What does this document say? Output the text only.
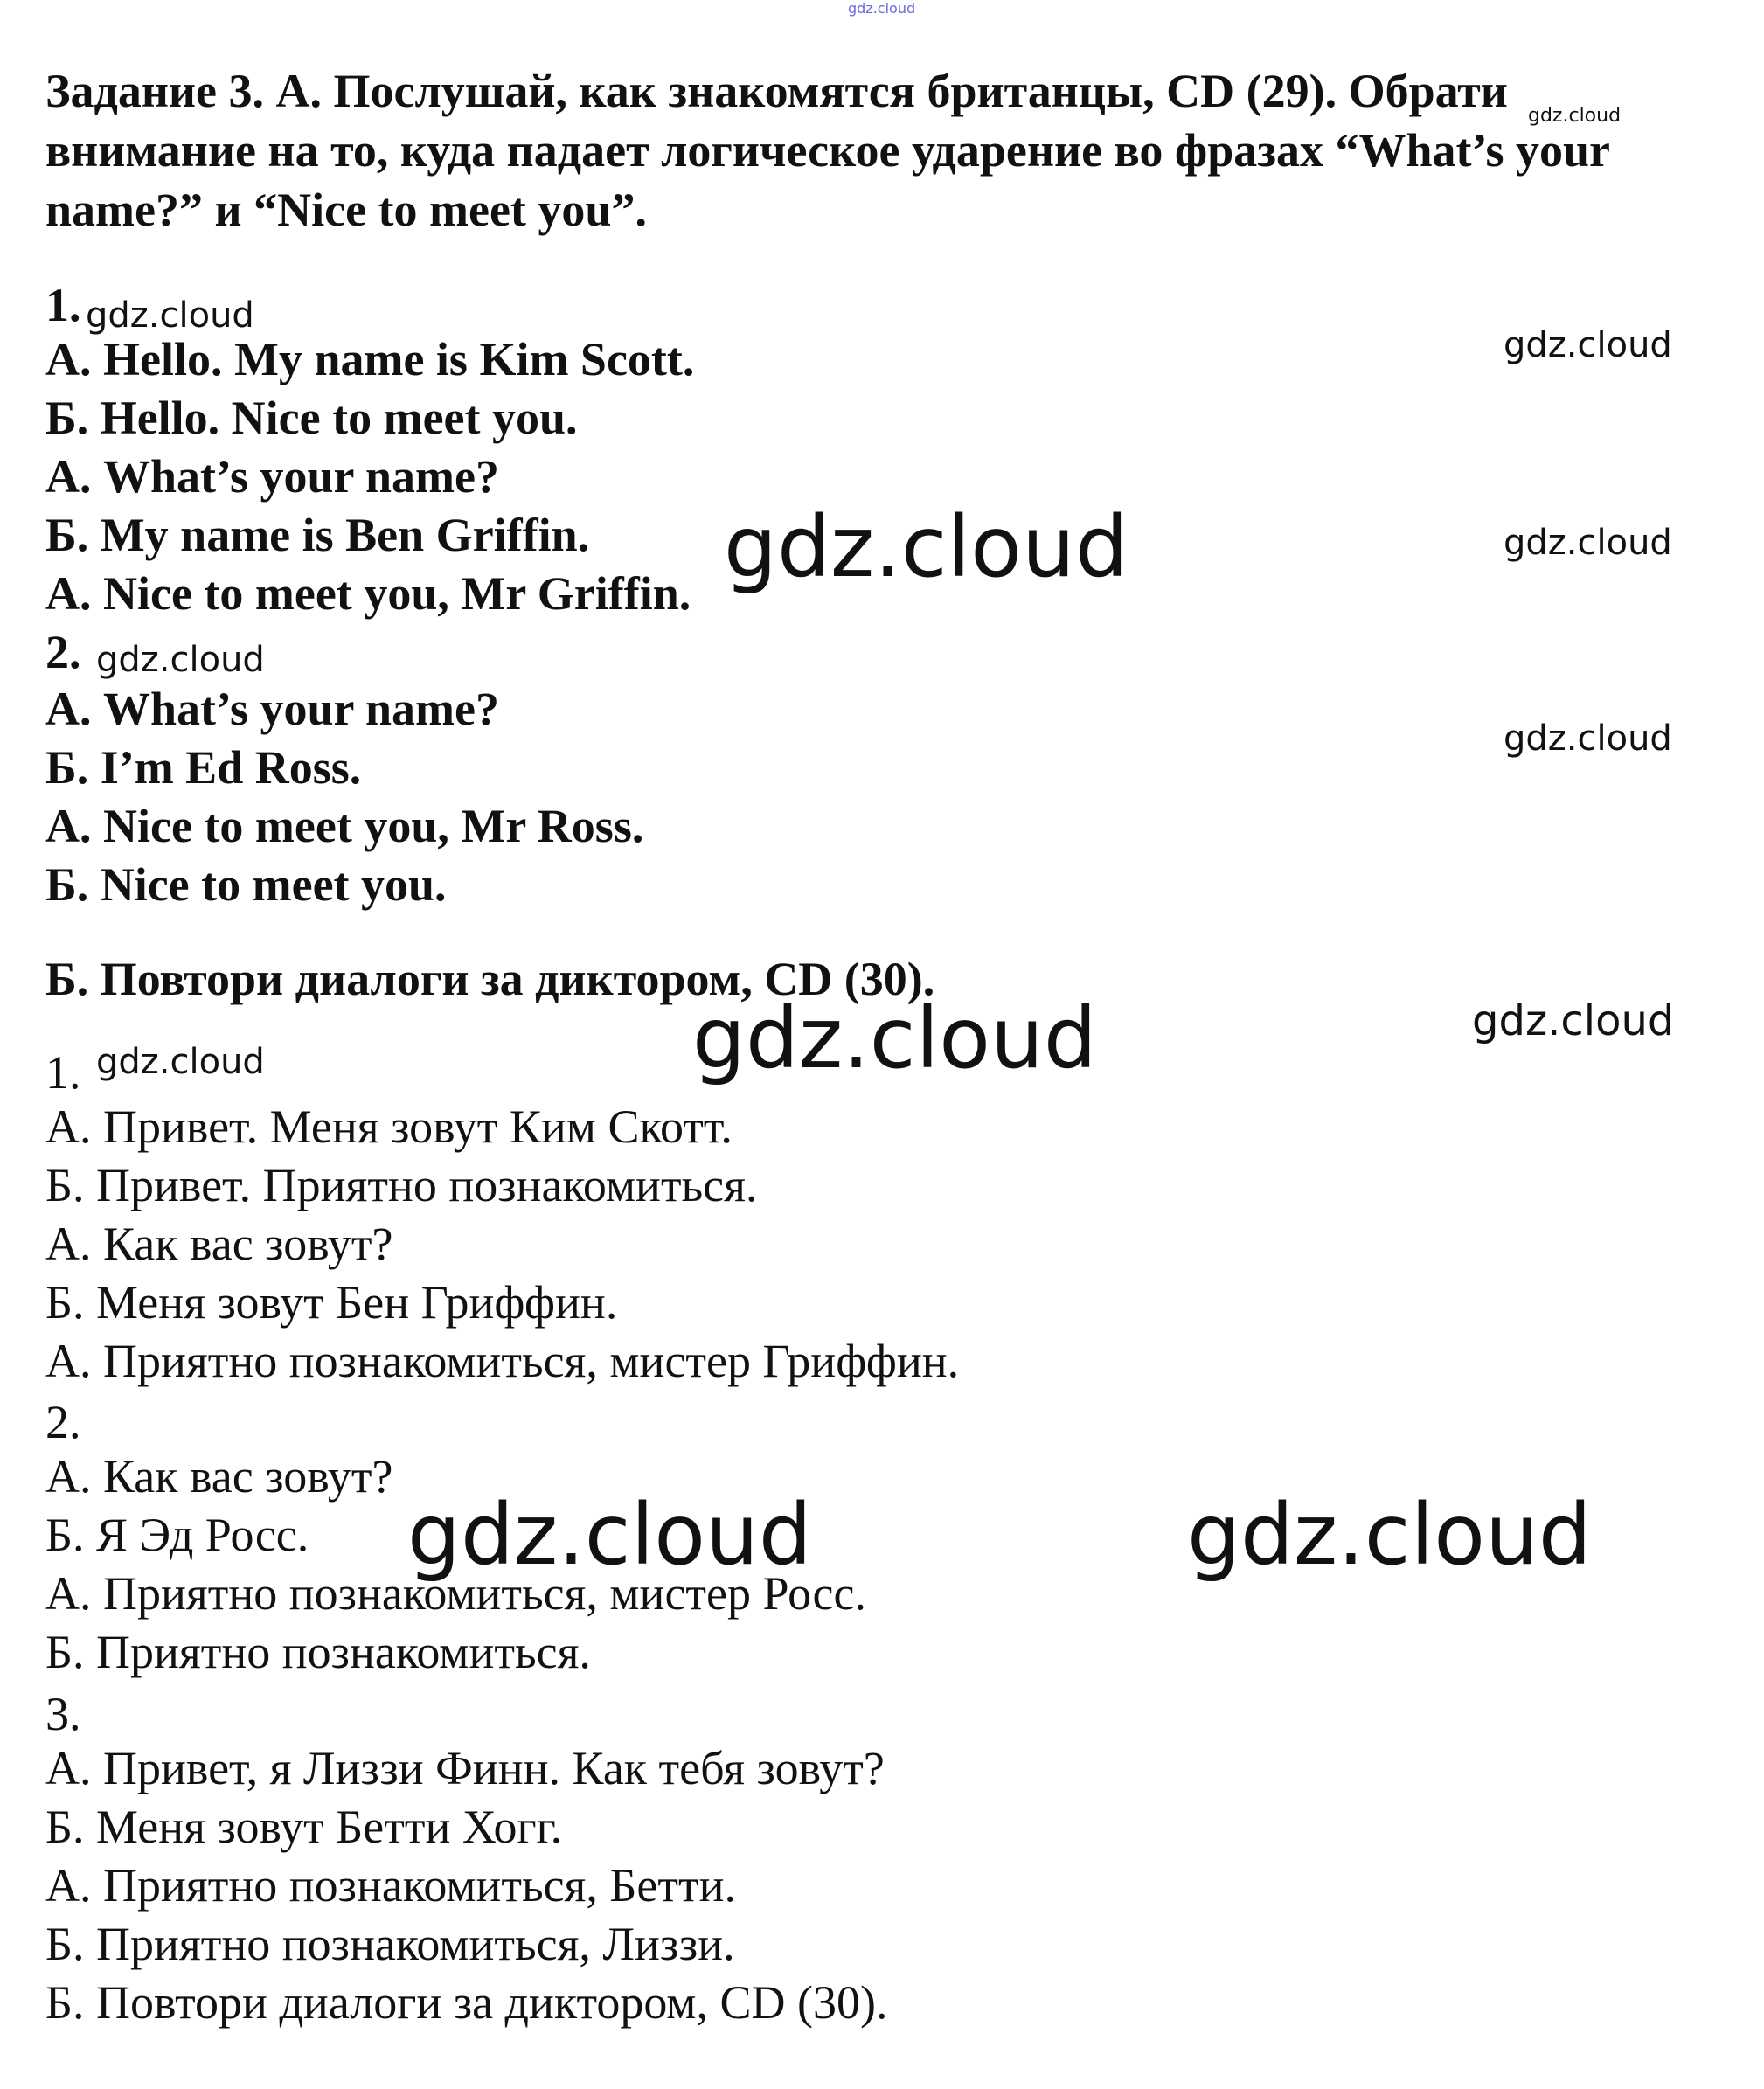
gdz.cloud
Задание 3. А. Послушай, как знакомятся британцы, CD (29). Обрати
внимание на то, куда падает логическое ударение во фразах “What’s your
name?” и “Nice to meet you”.
gdz.cloud
1. gdz.cloud
А. Hello. My name is Kim Scott.
Б. Hello. Nice to meet you.
А. What’s your name?
Б. My name is Ben Griffin.
А. Nice to meet you, Mr Griffin.
gdz.cloud
gdz.cloud	gdz.cloud
2. gdz.cloud
А. What’s your name?
Б. I’m Ed Ross.
А. Nice to meet you, Mr Ross.
Б. Nice to meet you.
gdz.cloud
Б. Повтори диалоги за диктором, CD (30).
gdz.cloud	gdz.cloud
1. gdz.cloud
А. Привет. Меня зовут Ким Скотт.
Б. Привет. Приятно познакомиться.
А. Как вас зовут?
Б. Меня зовут Бен Гриффин.
А. Приятно познакомиться, мистер Гриффин.
2.
А. Как вас зовут?
Б. Я Эд Росс.
А. Приятно познакомиться, мистер Росс.
Б. Приятно познакомиться.
gdz.cloud	gdz.cloud
3.
А. Привет, я Лиззи Финн. Как тебя зовут?
Б. Меня зовут Бетти Хогг.
А. Приятно познакомиться, Бетти.
Б. Приятно познакомиться, Лиззи.
Б. Повтори диалоги за диктором, CD (30).
